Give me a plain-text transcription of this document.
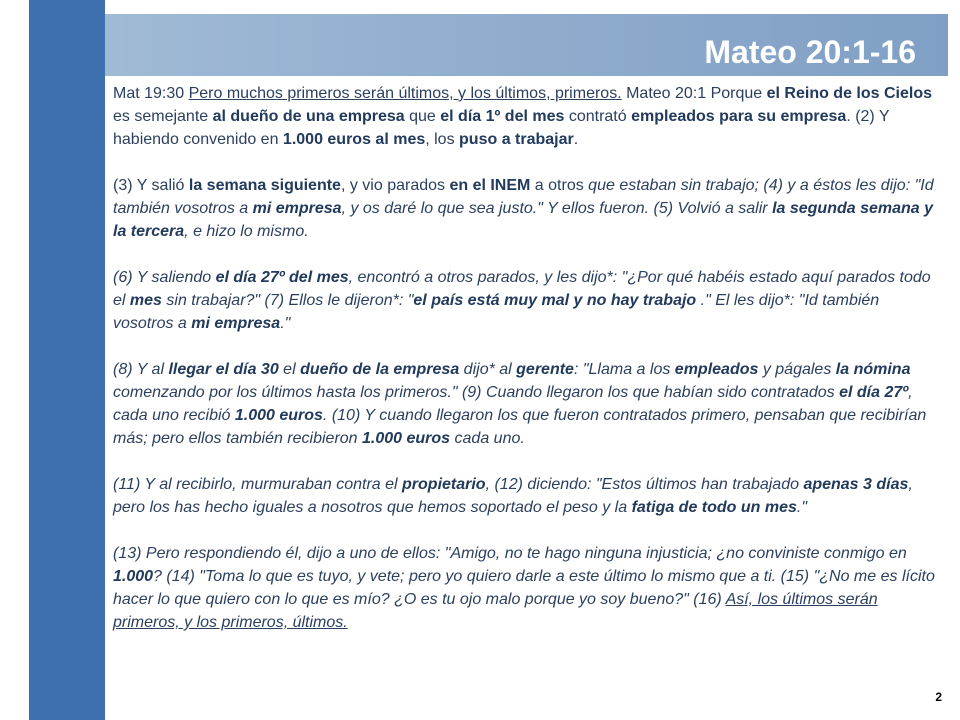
Mateo 20:1-16

Mat 19:30 Pero muchos primeros serán últimos, y los últimos, primeros. Mateo 20:1 Porque el Reino de los Cielos es semejante al dueño de una empresa que el día 1º del mes contrató empleados para su empresa. (2) Y habiendo convenido en 1.000 euros al mes, los puso a trabajar.

(3) Y salió la semana siguiente, y vio parados en el INEM a otros que estaban sin trabajo; (4) y a éstos les dijo: "Id también vosotros a mi empresa, y os daré lo que sea justo." Y ellos fueron. (5) Volvió a salir la segunda semana y la tercera, e hizo lo mismo.

(6) Y saliendo el día 27º del mes, encontró a otros parados, y les dijo*: "¿Por qué habéis estado aquí parados todo el mes sin trabajar?" (7) Ellos le dijeron*: "el país está muy mal y no hay trabajo ." El les dijo*: "Id también vosotros a mi empresa."

(8) Y al llegar el día 30 el dueño de la empresa dijo* al gerente: "Llama a los empleados y págales la nómina comenzando por los últimos hasta los primeros." (9) Cuando llegaron los que habían sido contratados el día 27º, cada uno recibió 1.000 euros. (10) Y cuando llegaron los que fueron contratados primero, pensaban que recibirían más; pero ellos también recibieron 1.000 euros cada uno.

(11) Y al recibirlo, murmuraban contra el propietario, (12) diciendo: "Estos últimos han trabajado apenas 3 días, pero los has hecho iguales a nosotros que hemos soportado el peso y la fatiga de todo un mes."

(13) Pero respondiendo él, dijo a uno de ellos: "Amigo, no te hago ninguna injusticia; ¿no conviniste conmigo en 1.000? (14) "Toma lo que es tuyo, y vete; pero yo quiero darle a este último lo mismo que a ti. (15) "¿No me es lícito hacer lo que quiero con lo que es mío? ¿O es tu ojo malo porque yo soy bueno?" (16) Así, los últimos serán primeros, y los primeros, últimos.

2
